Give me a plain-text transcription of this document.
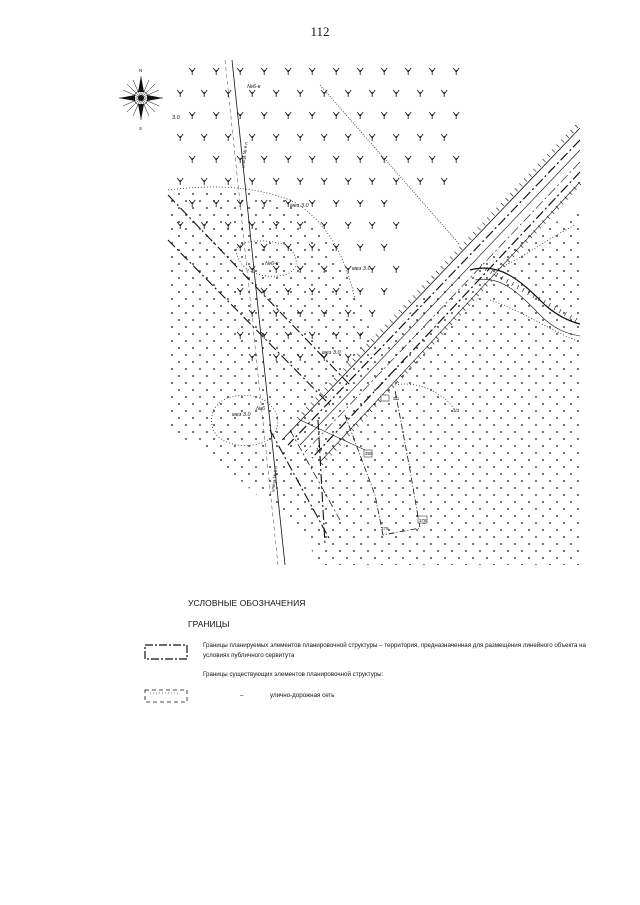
112
N
S
3.0
мез 3.0
мез 3.0
мез 3.0
мез 3.0
№6-к
№6-к
№6
улица № 6 п
улица № 6 п
3/1
3/2
379
378
380
3/3
УСЛОВНЫЕ ОБОЗНАЧЕНИЯ
ГРАНИЦЫ
Границы планируемых элементов планировочной структуры – территория, предназначенная для размещения линейного объекта на условиях публичного сервитута
Границы существующих элементов планировочной структуры:
–	улично-дорожная сеть
